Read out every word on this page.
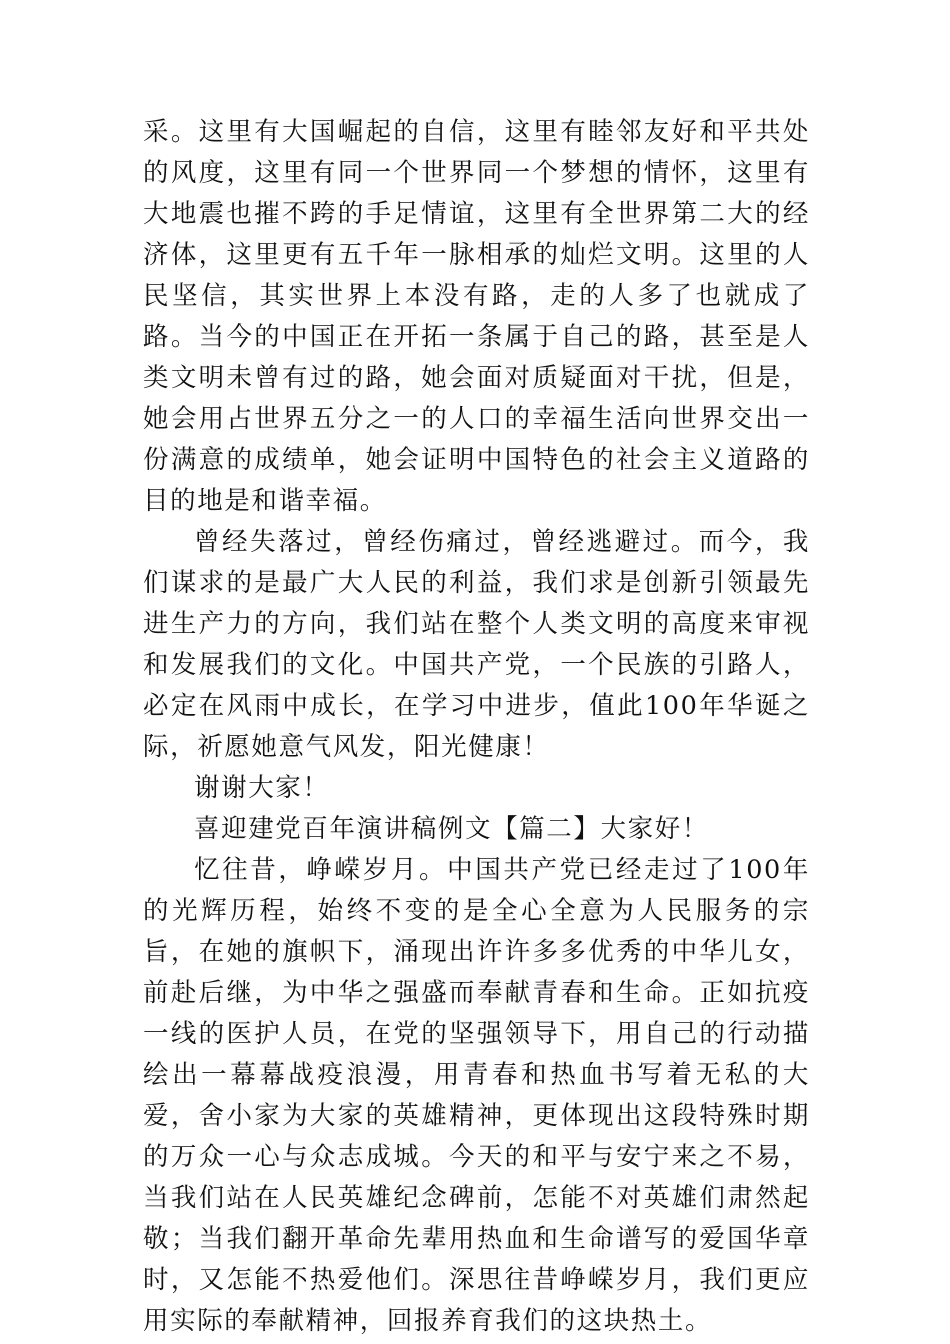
采。这里有大国崛起的自信，这里有睦邻友好和平共处的风度，这里有同一个世界同一个梦想的情怀，这里有大地震也摧不跨的手足情谊，这里有全世界第二大的经济体，这里更有五千年一脉相承的灿烂文明。这里的人民坚信，其实世界上本没有路，走的人多了也就成了路。当今的中国正在开拓一条属于自己的路，甚至是人类文明未曾有过的路，她会面对质疑面对干扰，但是，她会用占世界五分之一的人口的幸福生活向世界交出一份满意的成绩单，她会证明中国特色的社会主义道路的目的地是和谐幸福。

曾经失落过，曾经伤痛过，曾经逃避过。而今，我们谋求的是最广大人民的利益，我们求是创新引领最先进生产力的方向，我们站在整个人类文明的高度来审视和发展我们的文化。中国共产党，一个民族的引路人，必定在风雨中成长，在学习中进步，值此100年华诞之际，祈愿她意气风发，阳光健康！

谢谢大家！

喜迎建党百年演讲稿例文【篇二】大家好！

忆往昔，峥嵘岁月。中国共产党已经走过了100年的光辉历程，始终不变的是全心全意为人民服务的宗旨，在她的旗帜下，涌现出许许多多优秀的中华儿女，前赴后继，为中华之强盛而奉献青春和生命。正如抗疫一线的医护人员，在党的坚强领导下，用自己的行动描绘出一幕幕战疫浪漫，用青春和热血书写着无私的大爱，舍小家为大家的英雄精神，更体现出这段特殊时期的万众一心与众志成城。今天的和平与安宁来之不易，当我们站在人民英雄纪念碑前，怎能不对英雄们肃然起敬；当我们翻开革命先辈用热血和生命谱写的爱国华章时，又怎能不热爱他们。深思往昔峥嵘岁月，我们更应用实际的奉献精神，回报养育我们的这块热土。
